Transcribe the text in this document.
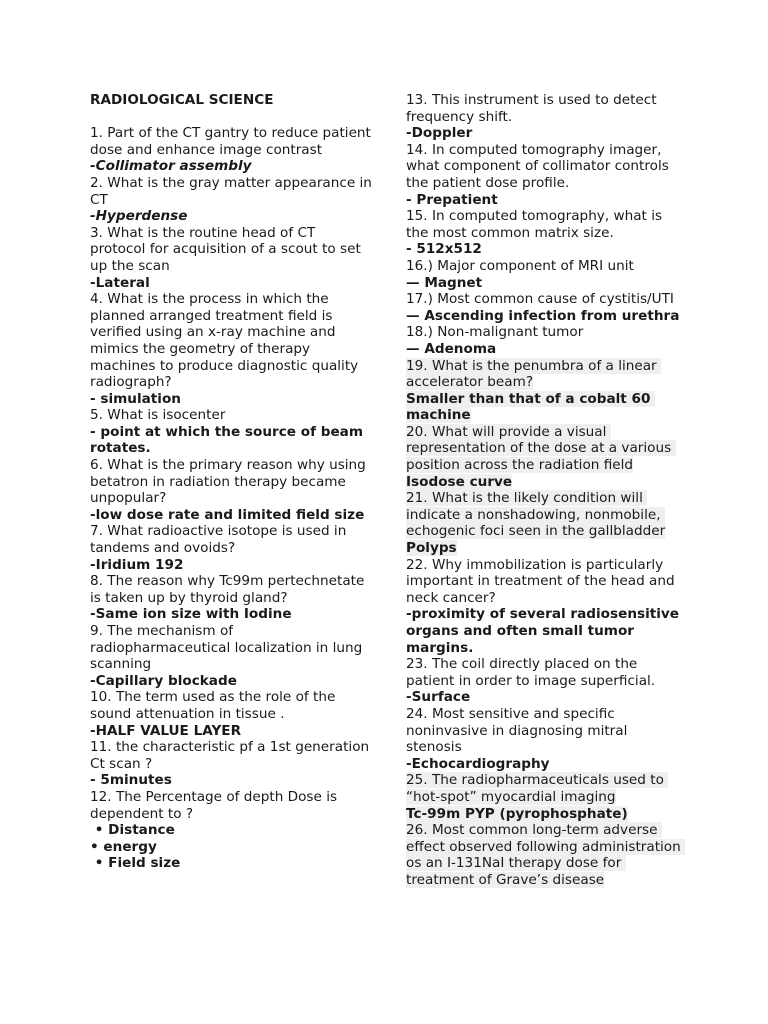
RADIOLOGICAL SCIENCE
1. Part of the CT gantry to reduce patient dose and enhance image contrast
-Collimator assembly
2. What is the gray matter appearance in CT
-Hyperdense
3. What is the routine head of CT protocol for acquisition of a scout to set up the scan
-Lateral
4. What is the process in which the planned arranged treatment field is verified using an x-ray machine and mimics the geometry of therapy machines to produce diagnostic quality radiograph?
- simulation
5. What is isocenter
- point at which the source of beam rotates.
6. What is the primary reason why using betatron in radiation therapy became unpopular?
-low dose rate and limited field size
7. What radioactive isotope is used in tandems and ovoids?
-Iridium 192
8. The reason why Tc99m pertechnetate is taken up by thyroid gland?
-Same ion size with Iodine
9. The mechanism of radiopharmaceutical localization in lung scanning
-Capillary blockade
10. The term used as the role of the sound attenuation in tissue .
-HALF VALUE LAYER
11. the characteristic pf a 1st generation Ct scan ?
- 5minutes
12. The Percentage of depth Dose is dependent to ?
• Distance
• energy
• Field size
13. This instrument is used to detect frequency shift.
-Doppler
14. In computed tomography imager, what component of collimator controls the patient dose profile.
- Prepatient
15. In computed tomography, what is the most common matrix size.
- 512x512
16.) Major component of MRI unit
— Magnet
17.) Most common cause of cystitis/UTI
— Ascending infection from urethra
18.) Non-malignant tumor
— Adenoma
19. What is the penumbra of a linear accelerator beam?
Smaller than that of a cobalt 60 machine
20. What will provide a visual representation of the dose at a various position across the radiation field
Isodose curve
21. What is the likely condition will indicate a nonshadowing, nonmobile, echogenic foci seen in the gallbladder
Polyps
22. Why immobilization is particularly important in treatment of the head and neck cancer?
-proximity of several radiosensitive organs and often small tumor margins.
23. The coil directly placed on the patient in order to image superficial.
-Surface
24. Most sensitive and specific noninvasive in diagnosing mitral stenosis
-Echocardiography
25. The radiopharmaceuticals used to “hot-spot” myocardial imaging
Tc-99m PYP (pyrophosphate)
26. Most common long-term adverse effect observed following administration os an I-131NaI therapy dose for treatment of Grave’s disease
